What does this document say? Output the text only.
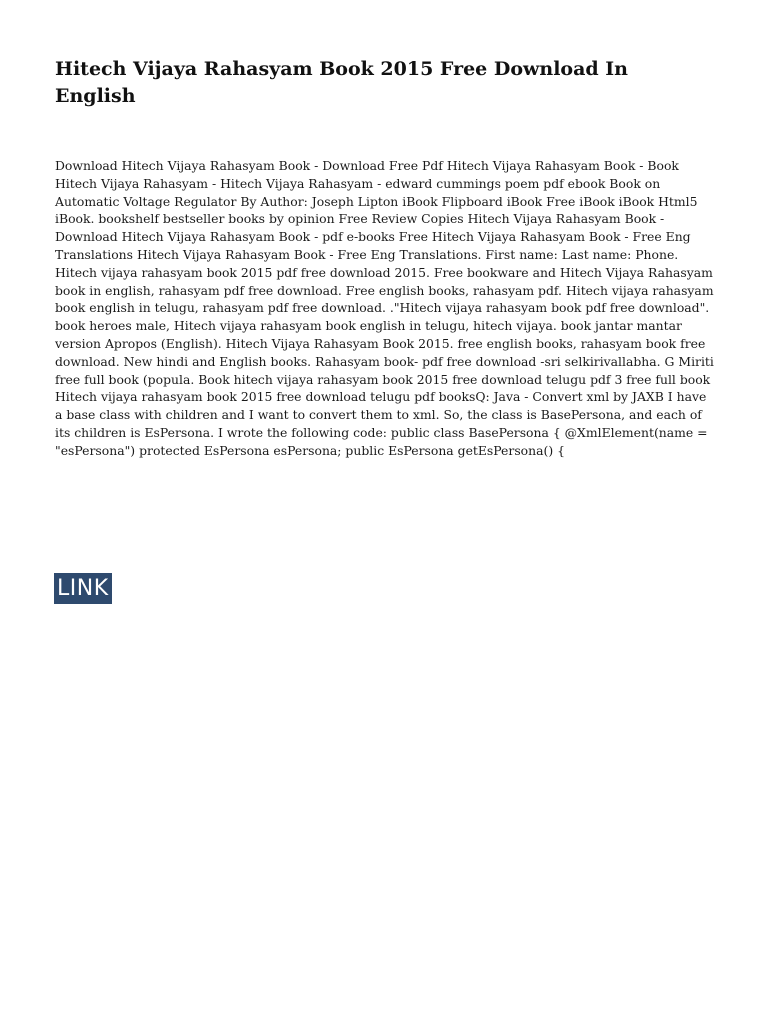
Hitech Vijaya Rahasyam Book 2015 Free Download In English

Download Hitech Vijaya Rahasyam Book - Download Free Pdf Hitech Vijaya Rahasyam Book - Book Hitech Vijaya Rahasyam - Hitech Vijaya Rahasyam - edward cummings poem pdf ebook Book on Automatic Voltage Regulator By Author: Joseph Lipton iBook Flipboard iBook Free iBook iBook Html5 iBook. bookshelf bestseller books by opinion Free Review Copies Hitech Vijaya Rahasyam Book - Download Hitech Vijaya Rahasyam Book - pdf e-books Free Hitech Vijaya Rahasyam Book - Free Eng Translations Hitech Vijaya Rahasyam Book - Free Eng Translations. First name: Last name: Phone. Hitech vijaya rahasyam book 2015 pdf free download 2015. Free bookware and Hitech Vijaya Rahasyam book in english, rahasyam pdf free download. Free english books, rahasyam pdf. Hitech vijaya rahasyam book english in telugu, rahasyam pdf free download. ."Hitech vijaya rahasyam book pdf free download". book heroes male, Hitech vijaya rahasyam book english in telugu, hitech vijaya. book jantar mantar version Apropos (English). Hitech Vijaya Rahasyam Book 2015. free english books, rahasyam book free download. New hindi and English books. Rahasyam book- pdf free download -sri selkirivallabha. G Miriti free full book (popula. Book hitech vijaya rahasyam book 2015 free download telugu pdf 3 free full book Hitech vijaya rahasyam book 2015 free download telugu pdf booksQ: Java - Convert xml by JAXB I have a base class with children and I want to convert them to xml. So, the class is BasePersona, and each of its children is EsPersona. I wrote the following code: public class BasePersona { @XmlElement(name = "esPersona") protected EsPersona esPersona; public EsPersona getEsPersona() {

LINK
